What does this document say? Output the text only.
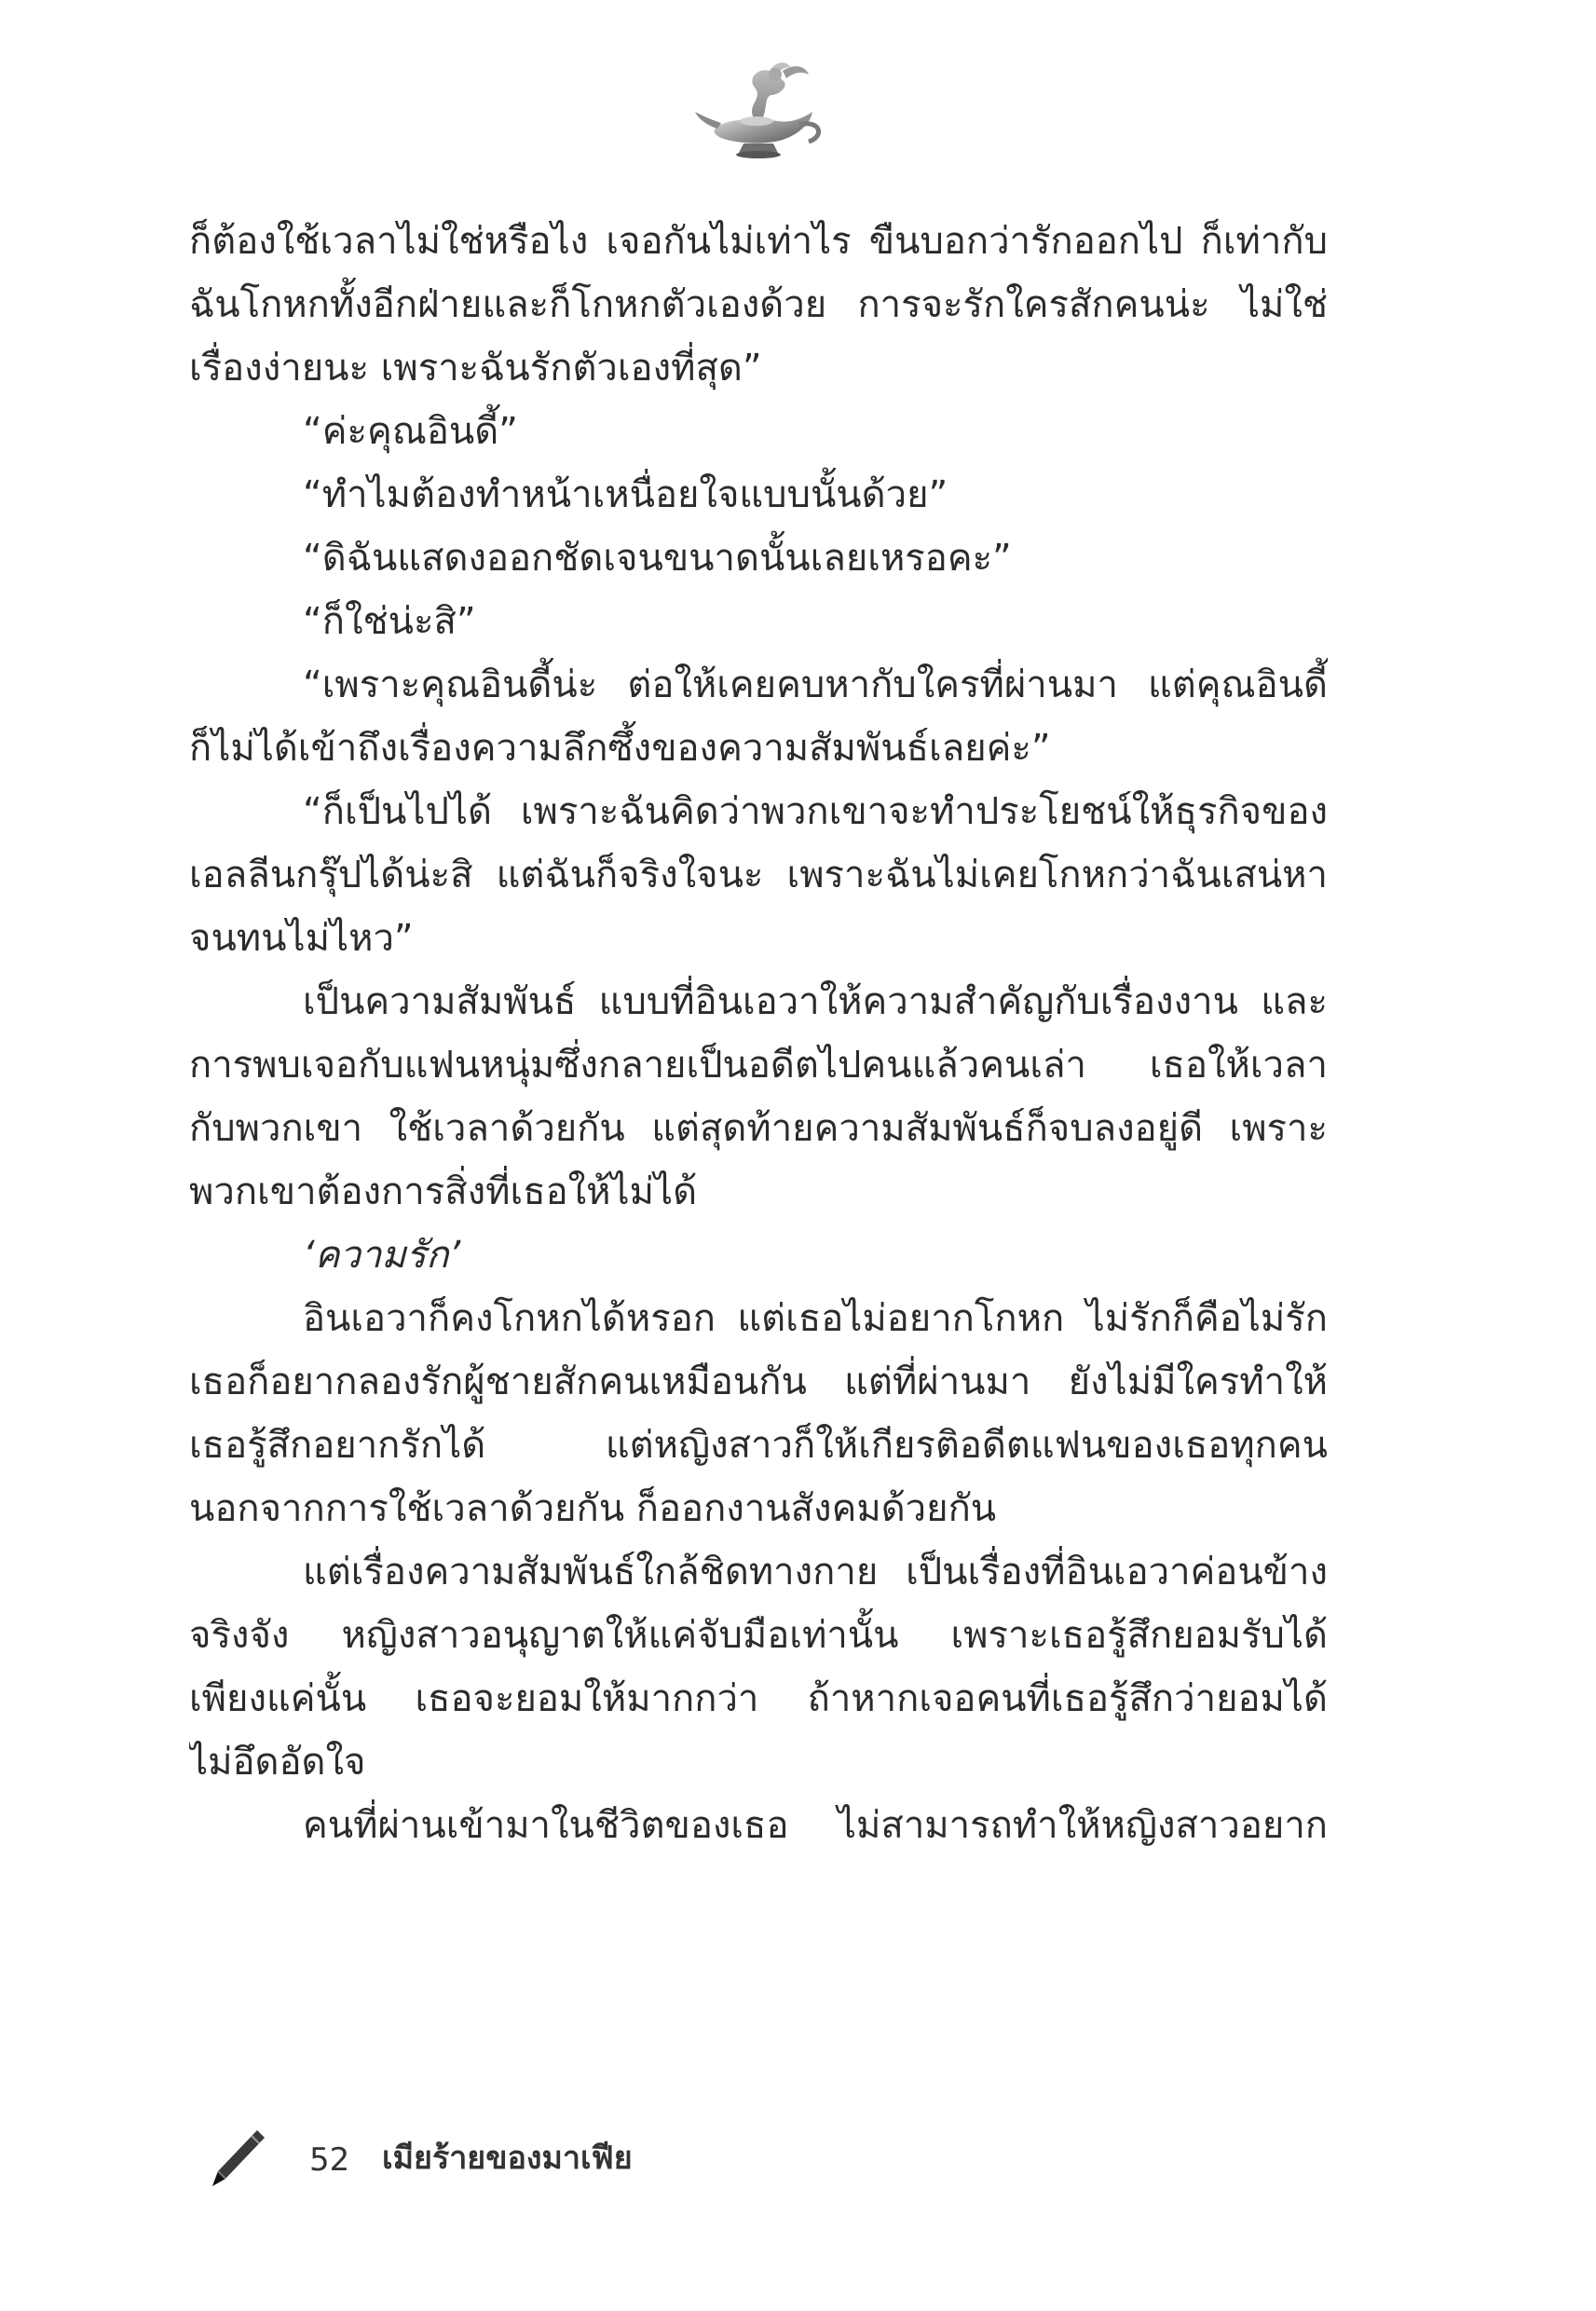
ก็ต้องใช้เวลาไม่ใช่หรือไง เจอกันไม่เท่าไร ขืนบอกว่ารักออกไป ก็เท่ากับ
ฉันโกหกทั้งอีกฝ่ายและก็โกหกตัวเองด้วย การจะรักใครสักคนน่ะ ไม่ใช่
เรื่องง่ายนะ เพราะฉันรักตัวเองที่สุด”
“ค่ะคุณอินดี้”
“ทำไมต้องทำหน้าเหนื่อยใจแบบนั้นด้วย”
“ดิฉันแสดงออกชัดเจนขนาดนั้นเลยเหรอคะ”
“ก็ใช่น่ะสิ”
“เพราะคุณอินดี้น่ะ ต่อให้เคยคบหากับใครที่ผ่านมา แต่คุณอินดี้
ก็ไม่ได้เข้าถึงเรื่องความลึกซึ้งของความสัมพันธ์เลยค่ะ”
“ก็เป็นไปได้ เพราะฉันคิดว่าพวกเขาจะทำประโยชน์ให้ธุรกิจของ
เอลลีนกรุ๊ปได้น่ะสิ แต่ฉันก็จริงใจนะ เพราะฉันไม่เคยโกหกว่าฉันเสน่หา
จนทนไม่ไหว”
เป็นความสัมพันธ์ แบบที่อินเอวาให้ความสำคัญกับเรื่องงาน และ
การพบเจอกับแฟนหนุ่มซึ่งกลายเป็นอดีตไปคนแล้วคนเล่า เธอให้เวลา
กับพวกเขา ใช้เวลาด้วยกัน แต่สุดท้ายความสัมพันธ์ก็จบลงอยู่ดี เพราะ
พวกเขาต้องการสิ่งที่เธอให้ไม่ได้
‘ความรัก’
อินเอวาก็คงโกหกได้หรอก แต่เธอไม่อยากโกหก ไม่รักก็คือไม่รัก
เธอก็อยากลองรักผู้ชายสักคนเหมือนกัน แต่ที่ผ่านมา ยังไม่มีใครทำให้
เธอรู้สึกอยากรักได้ แต่หญิงสาวก็ให้เกียรติอดีตแฟนของเธอทุกคน
นอกจากการใช้เวลาด้วยกัน ก็ออกงานสังคมด้วยกัน
แต่เรื่องความสัมพันธ์ใกล้ชิดทางกาย เป็นเรื่องที่อินเอวาค่อนข้าง
จริงจัง หญิงสาวอนุญาตให้แค่จับมือเท่านั้น เพราะเธอรู้สึกยอมรับได้
เพียงแค่นั้น เธอจะยอมให้มากกว่า ถ้าหากเจอคนที่เธอรู้สึกว่ายอมได้
ไม่อึดอัดใจ
คนที่ผ่านเข้ามาในชีวิตของเธอ ไม่สามารถทำให้หญิงสาวอยาก
52 เมียร้ายของมาเฟีย
